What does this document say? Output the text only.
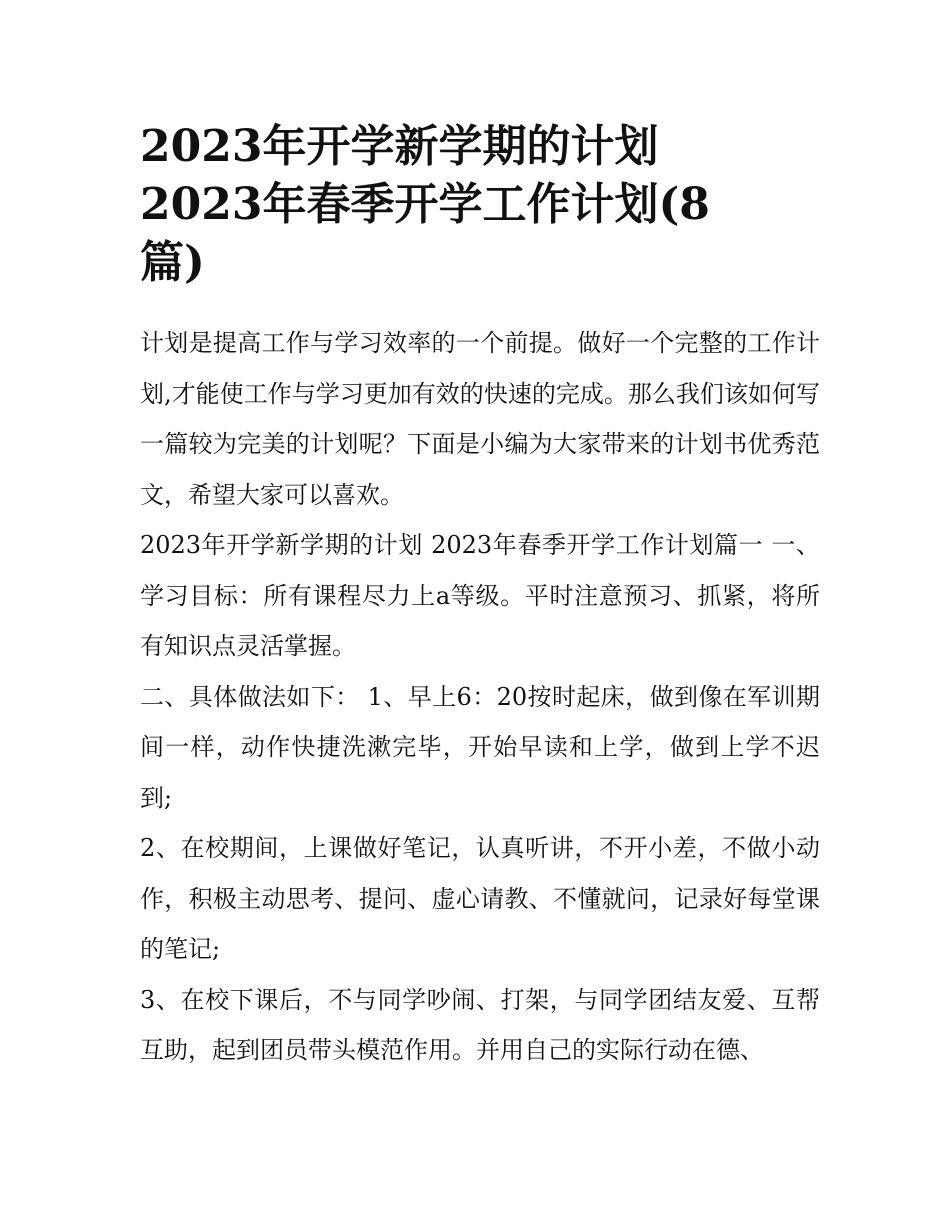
2023年开学新学期的计划
2023年春季开学工作计划(8
篇)

计划是提高工作与学习效率的一个前提。做好一个完整的工作计划,才能使工作与学习更加有效的快速的完成。那么我们该如何写一篇较为完美的计划呢？下面是小编为大家带来的计划书优秀范文，希望大家可以喜欢。

2023年开学新学期的计划 2023年春季开学工作计划篇一 一、学习目标：所有课程尽力上a等级。平时注意预习、抓紧，将所有知识点灵活掌握。

二、具体做法如下： 1、早上6：20按时起床，做到像在军训期间一样，动作快捷洗漱完毕，开始早读和上学，做到上学不迟到;

2、在校期间，上课做好笔记，认真听讲，不开小差，不做小动作，积极主动思考、提问、虚心请教、不懂就问，记录好每堂课的笔记;

3、在校下课后，不与同学吵闹、打架，与同学团结友爱、互帮互助，起到团员带头模范作用。并用自己的实际行动在德、
